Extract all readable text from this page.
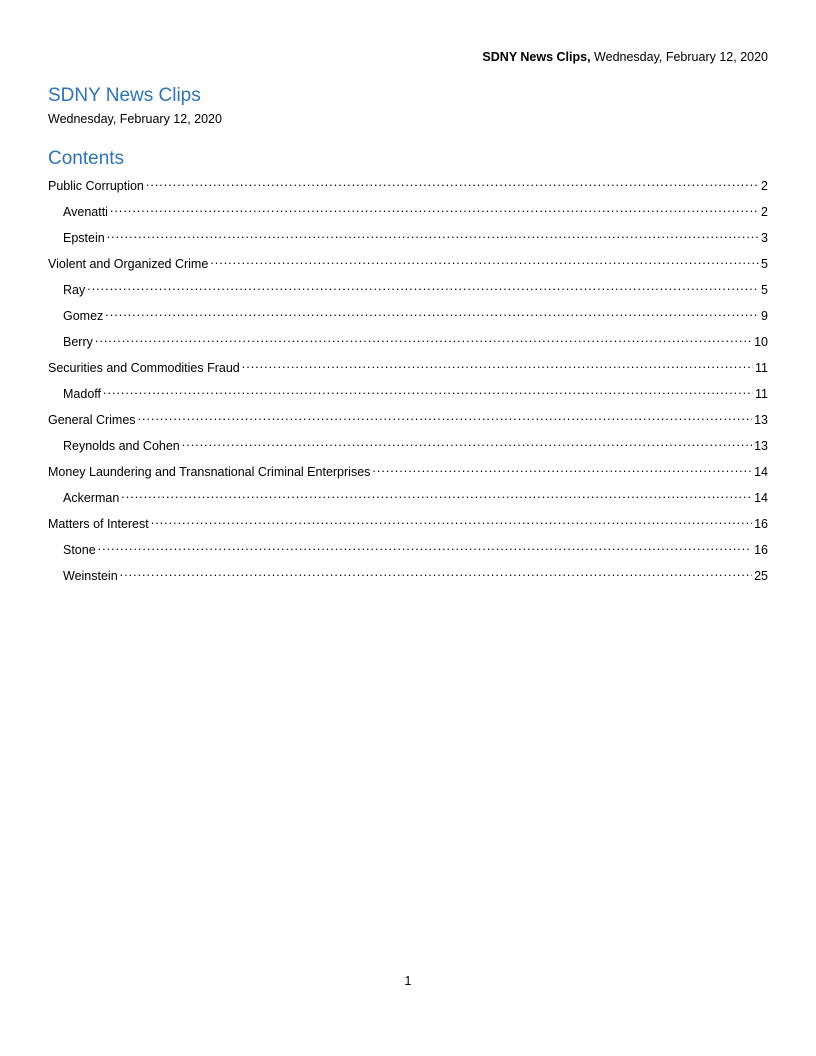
SDNY News Clips, Wednesday, February 12, 2020
SDNY News Clips
Wednesday, February 12, 2020
Contents
Public Corruption .....	2
Avenatti .....	2
Epstein .....	3
Violent and Organized Crime .....	5
Ray .....	5
Gomez .....	9
Berry .....	10
Securities and Commodities Fraud .....	11
Madoff .....	11
General Crimes .....	13
Reynolds and Cohen .....	13
Money Laundering and Transnational Criminal Enterprises .....	14
Ackerman .....	14
Matters of Interest .....	16
Stone .....	16
Weinstein .....	25
1
